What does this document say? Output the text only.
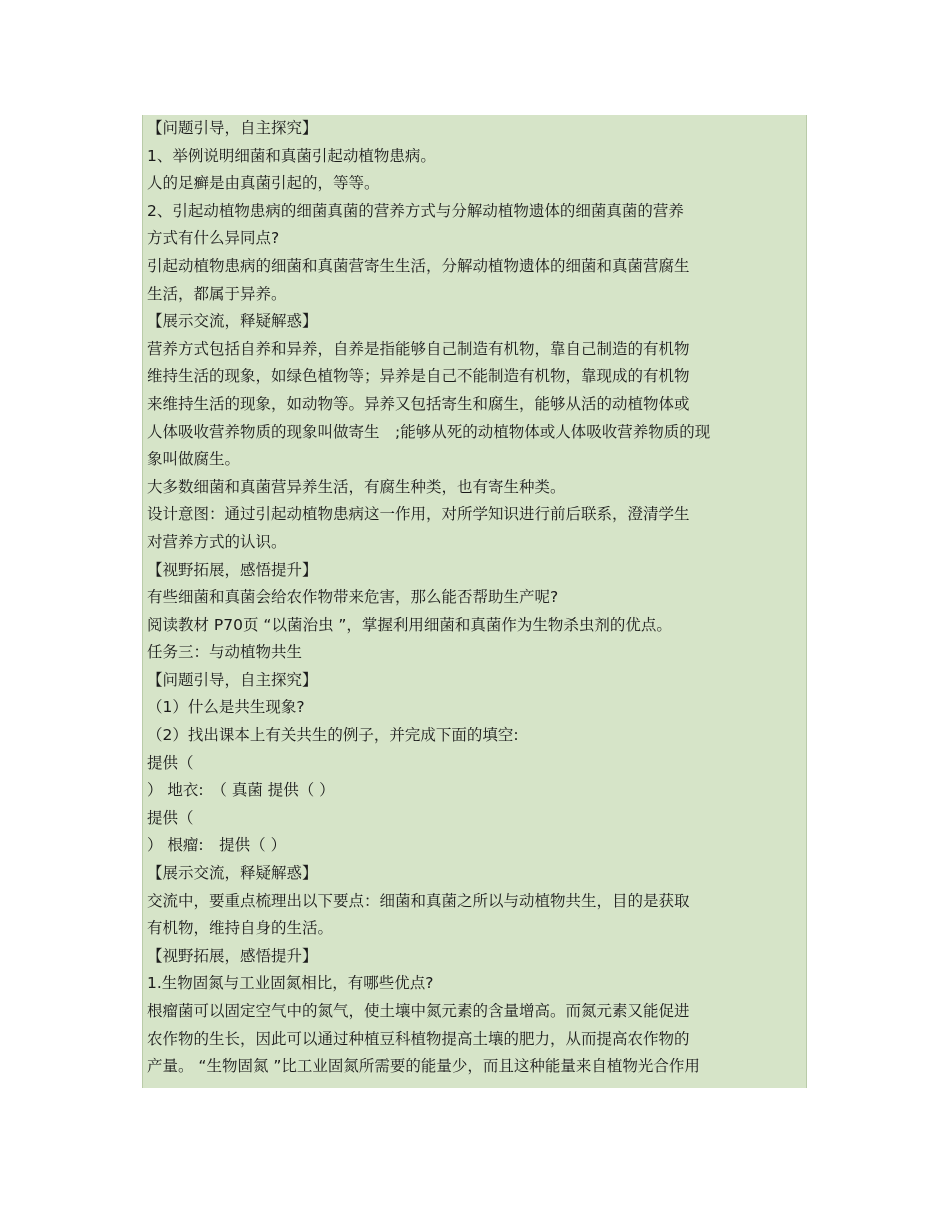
【问题引导，自主探究】
1、举例说明细菌和真菌引起动植物患病。
人的足癣是由真菌引起的，等等。
2、引起动植物患病的细菌真菌的营养方式与分解动植物遗体的细菌真菌的营养
方式有什么异同点?
引起动植物患病的细菌和真菌营寄生生活，分解动植物遗体的细菌和真菌营腐生
生活，都属于异养。
【展示交流，释疑解惑】
营养方式包括自养和异养，自养是指能够自己制造有机物，靠自己制造的有机物
维持生活的现象，如绿色植物等；异养是自己不能制造有机物，靠现成的有机物
来维持生活的现象，如动物等。异养又包括寄生和腐生，能够从活的动植物体或
人体吸收营养物质的现象叫做寄生　;能够从死的动植物体或人体吸收营养物质的现
象叫做腐生。
大多数细菌和真菌营异养生活，有腐生种类，也有寄生种类。
设计意图：通过引起动植物患病这一作用，对所学知识进行前后联系，澄清学生
对营养方式的认识。
【视野拓展，感悟提升】
有些细菌和真菌会给农作物带来危害，那么能否帮助生产呢?
阅读教材 P70页 “以菌治虫 ”，掌握利用细菌和真菌作为生物杀虫剂的优点。
任务三：与动植物共生
【问题引导，自主探究】
（1）什么是共生现象?
（2）找出课本上有关共生的例子，并完成下面的填空:
提供（
） 地衣:　（ 真菌 提供（ ）
提供（
） 根瘤:　提供（ ）
【展示交流，释疑解惑】
交流中，要重点梳理出以下要点：细菌和真菌之所以与动植物共生，目的是获取
有机物，维持自身的生活。
【视野拓展，感悟提升】
1.生物固氮与工业固氮相比，有哪些优点?
根瘤菌可以固定空气中的氮气，使土壤中氮元素的含量增高。而氮元素又能促进
农作物的生长，因此可以通过种植豆科植物提高土壤的肥力，从而提高农作物的
产量。 “生物固氮 ”比工业固氮所需要的能量少，而且这种能量来自植物光合作用
